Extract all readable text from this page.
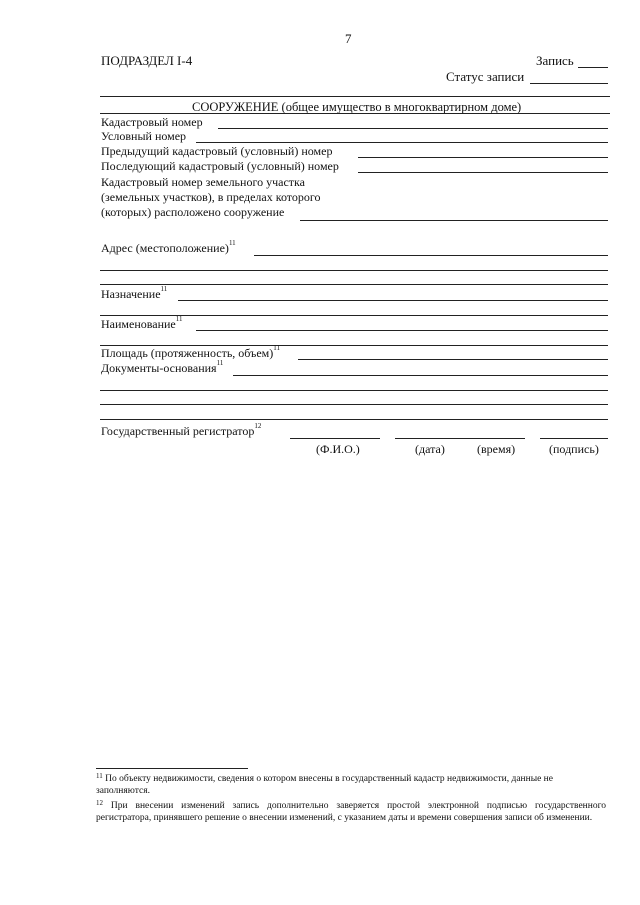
7
ПОДРАЗДЕЛ I-4	Запись
Статус записи
СООРУЖЕНИЕ (общее имущество в многоквартирном доме)
Кадастровый номер
Условный номер
Предыдущий кадастровый (условный) номер
Последующий кадастровый (условный) номер
Кадастровый номер земельного участка
(земельных участков), в пределах которого
(которых) расположено сооружение
Адрес (местоположение)$^{11}$
Назначение$^{11}$
Наименование$^{11}$
Площадь (протяженность, объем)$^{11}$
Документы-основания$^{11}$
Государственный регистратор$^{12}$
(Ф.И.О.)	(дата)	(время)	(подпись)
$^{11}$ По объекту недвижимости, сведения о котором внесены в государственный кадастр недвижимости, данные не заполняются.
$^{12}$ При внесении изменений запись дополнительно заверяется простой электронной подписью государственного регистратора, принявшего решение о внесении изменений, с указанием даты и времени совершения записи об изменении.
